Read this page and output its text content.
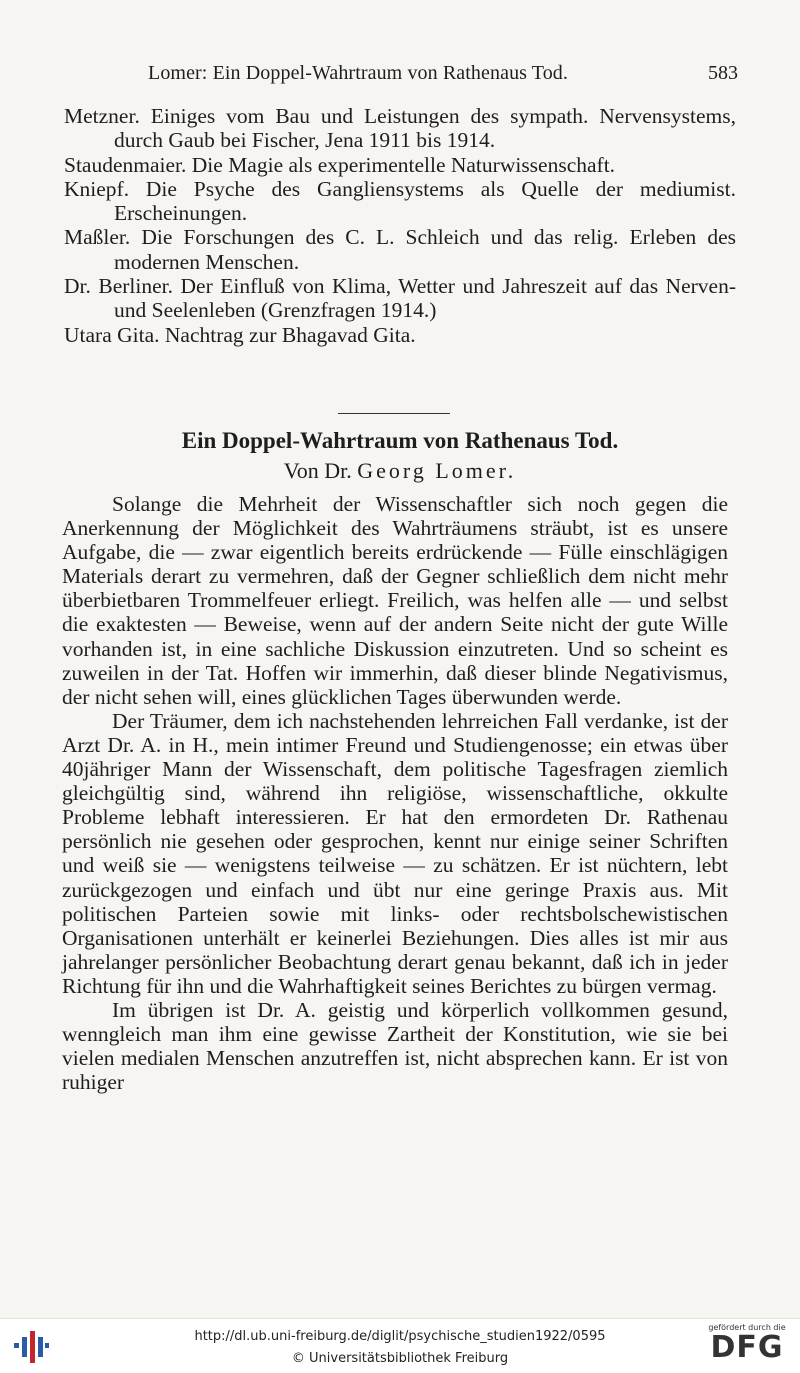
Lomer: Ein Doppel-Wahrtraum von Rathenaus Tod.	583
Metzner. Einiges vom Bau und Leistungen des sympath. Nervensystems, durch Gaub bei Fischer, Jena 1911 bis 1914.
Staudenmaier. Die Magie als experimentelle Naturwissenschaft.
Kniepf. Die Psyche des Gangliensystems als Quelle der mediumist. Erscheinungen.
Maßler. Die Forschungen des C. L. Schleich und das relig. Erleben des modernen Menschen.
Dr. Berliner. Der Einfluß von Klima, Wetter und Jahreszeit auf das Nerven- und Seelenleben (Grenzfragen 1914.)
Utara Gita. Nachtrag zur Bhagavad Gita.
Ein Doppel-Wahrtraum von Rathenaus Tod.
Von Dr. Georg Lomer.

Solange die Mehrheit der Wissenschaftler sich noch gegen die Anerkennung der Möglichkeit des Wahrträumens sträubt, ist es unsere Aufgabe, die — zwar eigentlich bereits erdrückende — Fülle einschlägigen Materials derart zu vermehren, daß der Gegner schließlich dem nicht mehr überbietbaren Trommelfeuer erliegt. Freilich, was helfen alle — und selbst die exaktesten — Beweise, wenn auf der andern Seite nicht der gute Wille vorhanden ist, in eine sachliche Diskussion einzutreten. Und so scheint es zuweilen in der Tat. Hoffen wir immerhin, daß dieser blinde Negativismus, der nicht sehen will, eines glücklichen Tages überwunden werde.

Der Träumer, dem ich nachstehenden lehrreichen Fall verdanke, ist der Arzt Dr. A. in H., mein intimer Freund und Studiengenosse; ein etwas über 40jähriger Mann der Wissenschaft, dem politische Tagesfragen ziemlich gleichgültig sind, während ihn religiöse, wissenschaftliche, okkulte Probleme lebhaft interessieren. Er hat den ermordeten Dr. Rathenau persönlich nie gesehen oder gesprochen, kennt nur einige seiner Schriften und weiß sie — wenigstens teilweise — zu schätzen. Er ist nüchtern, lebt zurückgezogen und einfach und übt nur eine geringe Praxis aus. Mit politischen Parteien sowie mit links- oder rechtsbolschewistischen Organisationen unterhält er keinerlei Beziehungen. Dies alles ist mir aus jahrelanger persönlicher Beobachtung derart genau bekannt, daß ich in jeder Richtung für ihn und die Wahrhaftigkeit seines Berichtes zu bürgen vermag.

Im übrigen ist Dr. A. geistig und körperlich vollkommen gesund, wenngleich man ihm eine gewisse Zartheit der Konstitution, wie sie bei vielen medialen Menschen anzutreffen ist, nicht absprechen kann. Er ist von ruhiger

http://dl.ub.uni-freiburg.de/diglit/psychische_studien1922/0595
© Universitätsbibliothek Freiburg
gefördert durch die
DFG
